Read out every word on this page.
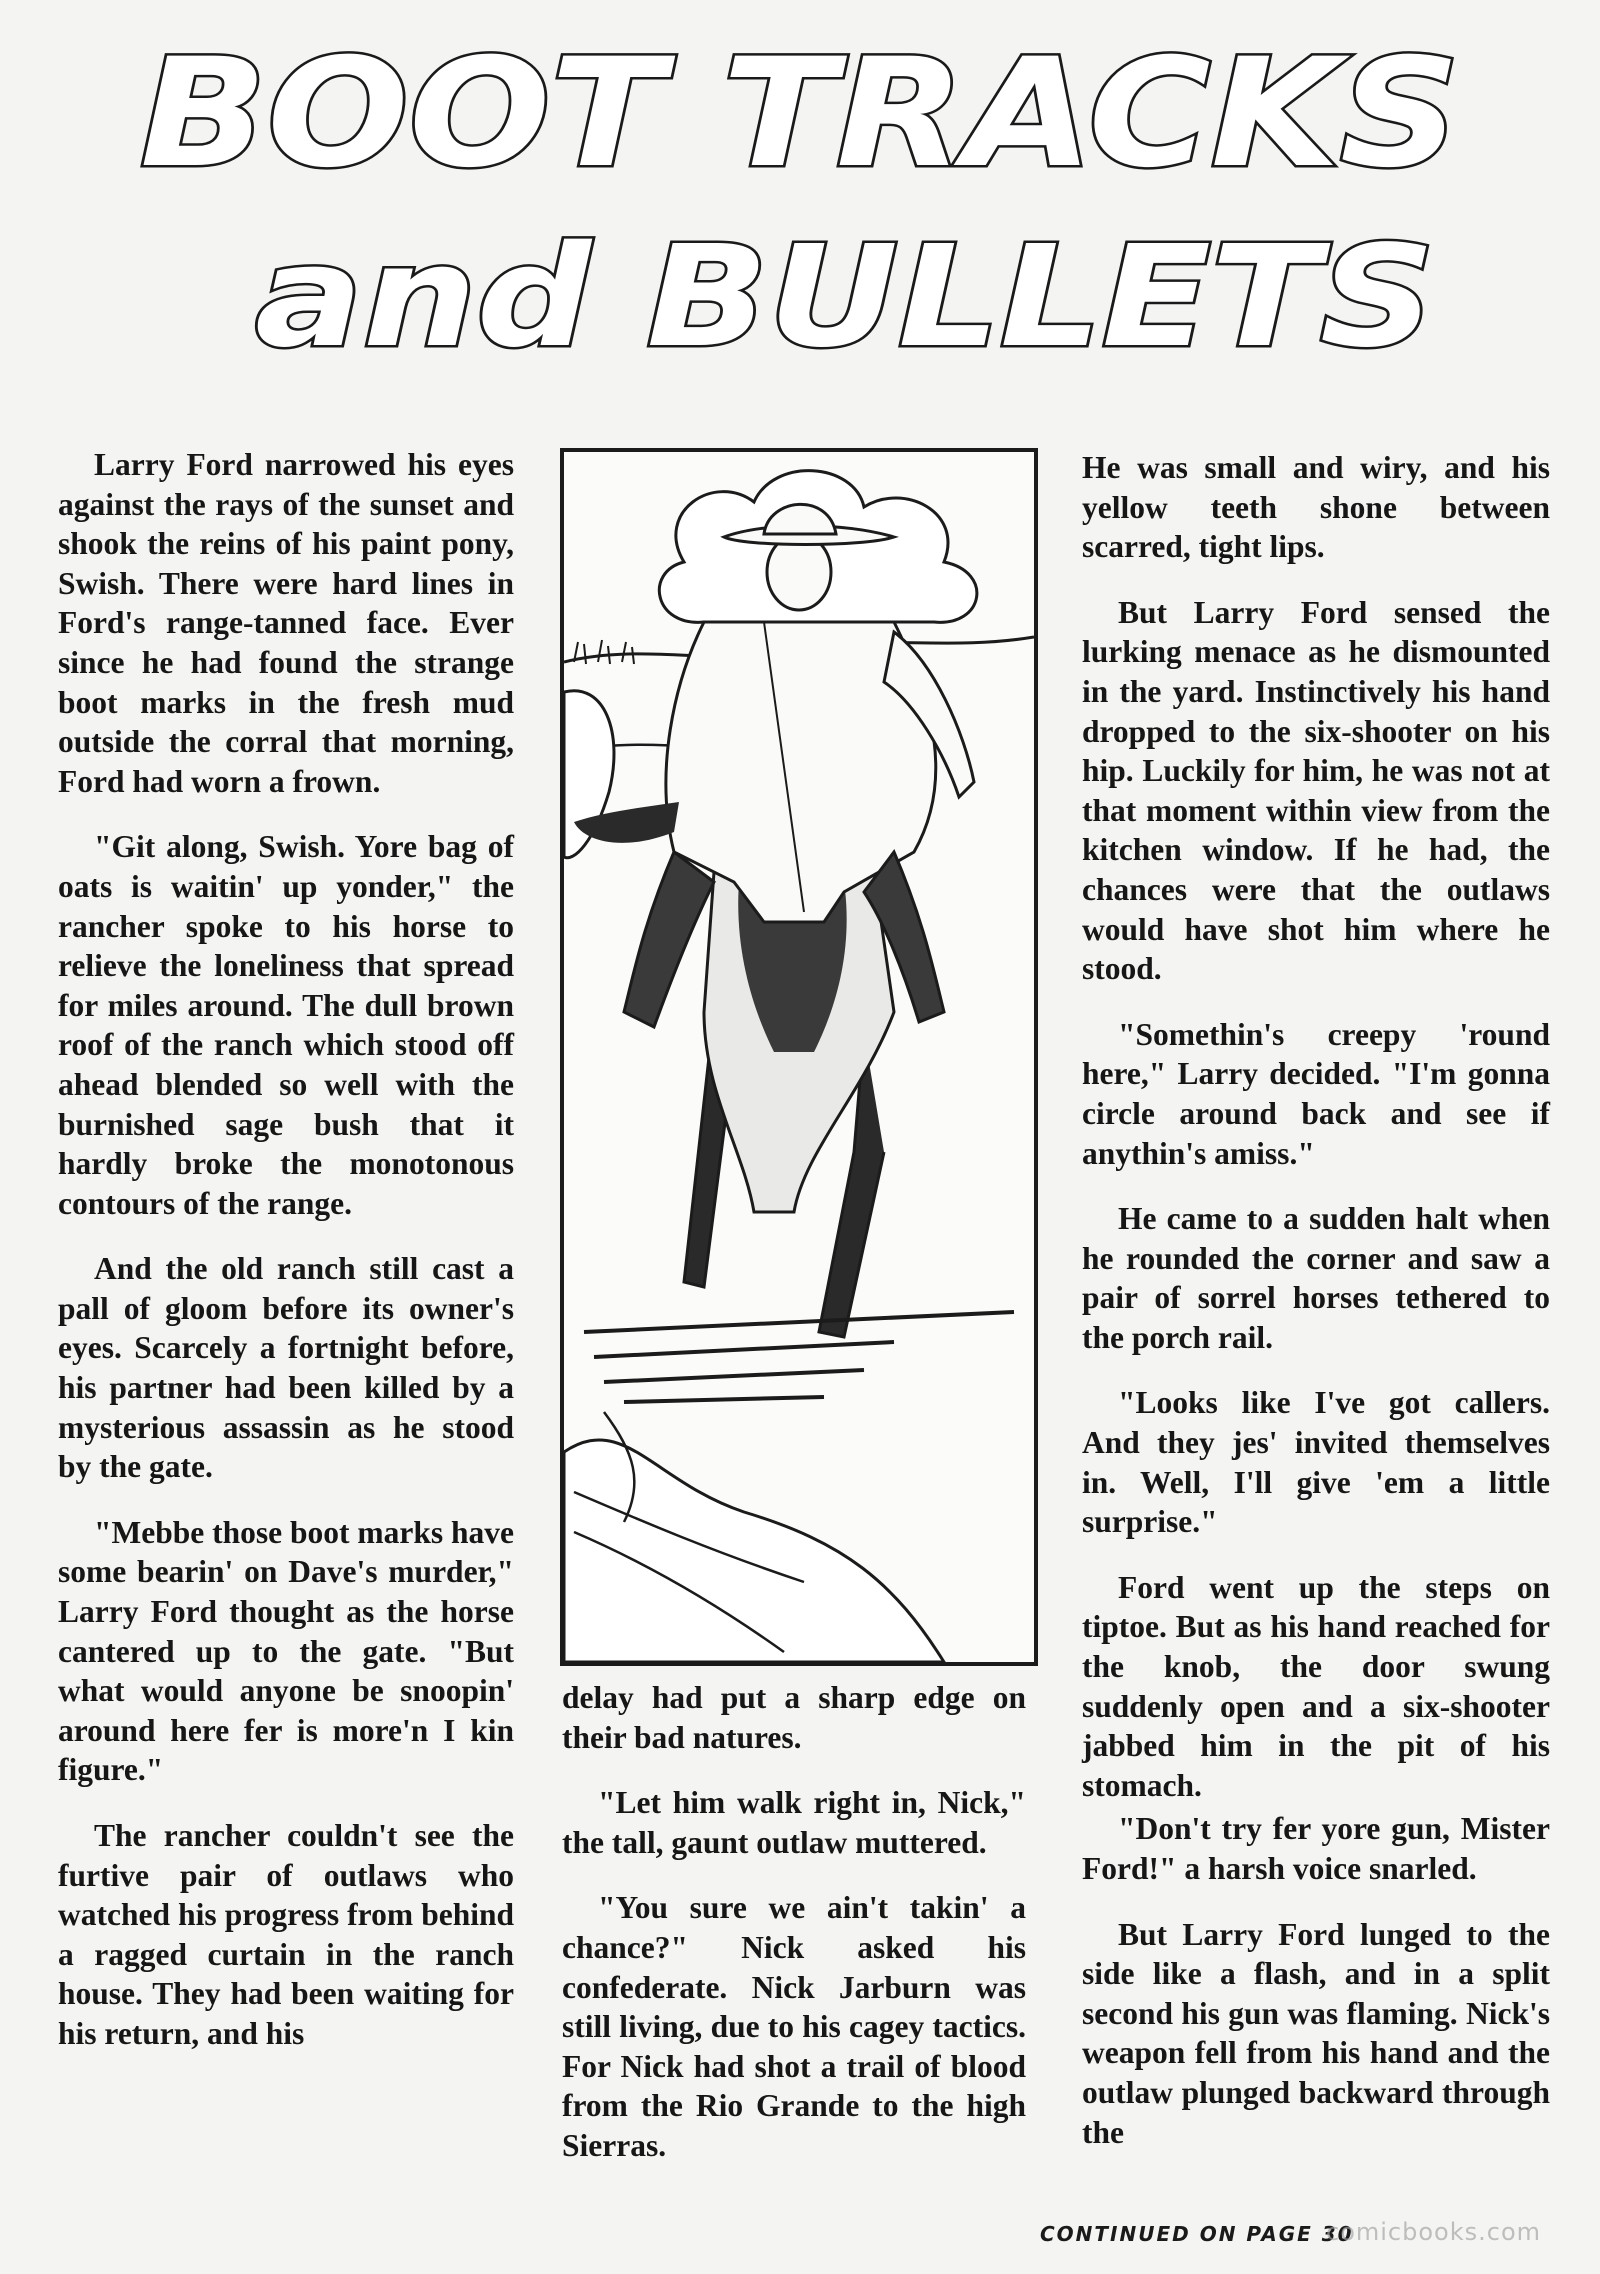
BOOT TRACKS
and BULLETS

Larry Ford narrowed his eyes against the rays of the sunset and shook the reins of his paint pony, Swish. There were hard lines in Ford's range-tanned face. Ever since he had found the strange boot marks in the fresh mud outside the corral that morning, Ford had worn a frown.

"Git along, Swish. Yore bag of oats is waitin' up yonder," the rancher spoke to his horse to relieve the loneliness that spread for miles around. The dull brown roof of the ranch which stood off ahead blended so well with the burnished sage bush that it hardly broke the monotonous contours of the range.

And the old ranch still cast a pall of gloom before its owner's eyes. Scarcely a fortnight before, his partner had been killed by a mysterious assassin as he stood by the gate.

"Mebbe those boot marks have some bearin' on Dave's murder," Larry Ford thought as the horse cantered up to the gate. "But what would anyone be snoopin' around here fer is more'n I kin figure."

The rancher couldn't see the furtive pair of outlaws who watched his progress from behind a ragged curtain in the ranch house. They had been waiting for his return, and his

delay had put a sharp edge on their bad natures.

"Let him walk right in, Nick," the tall, gaunt outlaw muttered.

"You sure we ain't takin' a chance?" Nick asked his confederate. Nick Jarburn was still living, due to his cagey tactics. For Nick had shot a trail of blood from the Rio Grande to the high Sierras.

He was small and wiry, and his yellow teeth shone between scarred, tight lips.

But Larry Ford sensed the lurking menace as he dismounted in the yard. Instinctively his hand dropped to the six-shooter on his hip. Luckily for him, he was not at that moment within view from the kitchen window. If he had, the chances were that the outlaws would have shot him where he stood.

"Somethin's creepy 'round here," Larry decided. "I'm gonna circle around back and see if anythin's amiss."

He came to a sudden halt when he rounded the corner and saw a pair of sorrel horses tethered to the porch rail.

"Looks like I've got callers. And they jes' invited themselves in. Well, I'll give 'em a little surprise."

Ford went up the steps on tiptoe. But as his hand reached for the knob, the door swung suddenly open and a six-shooter jabbed him in the pit of his stomach.

"Don't try fer yore gun, Mister Ford!" a harsh voice snarled.

But Larry Ford lunged to the side like a flash, and in a split second his gun was flaming. Nick's weapon fell from his hand and the outlaw plunged backward through the

CONTINUED ON PAGE 30
comicbooks.com
